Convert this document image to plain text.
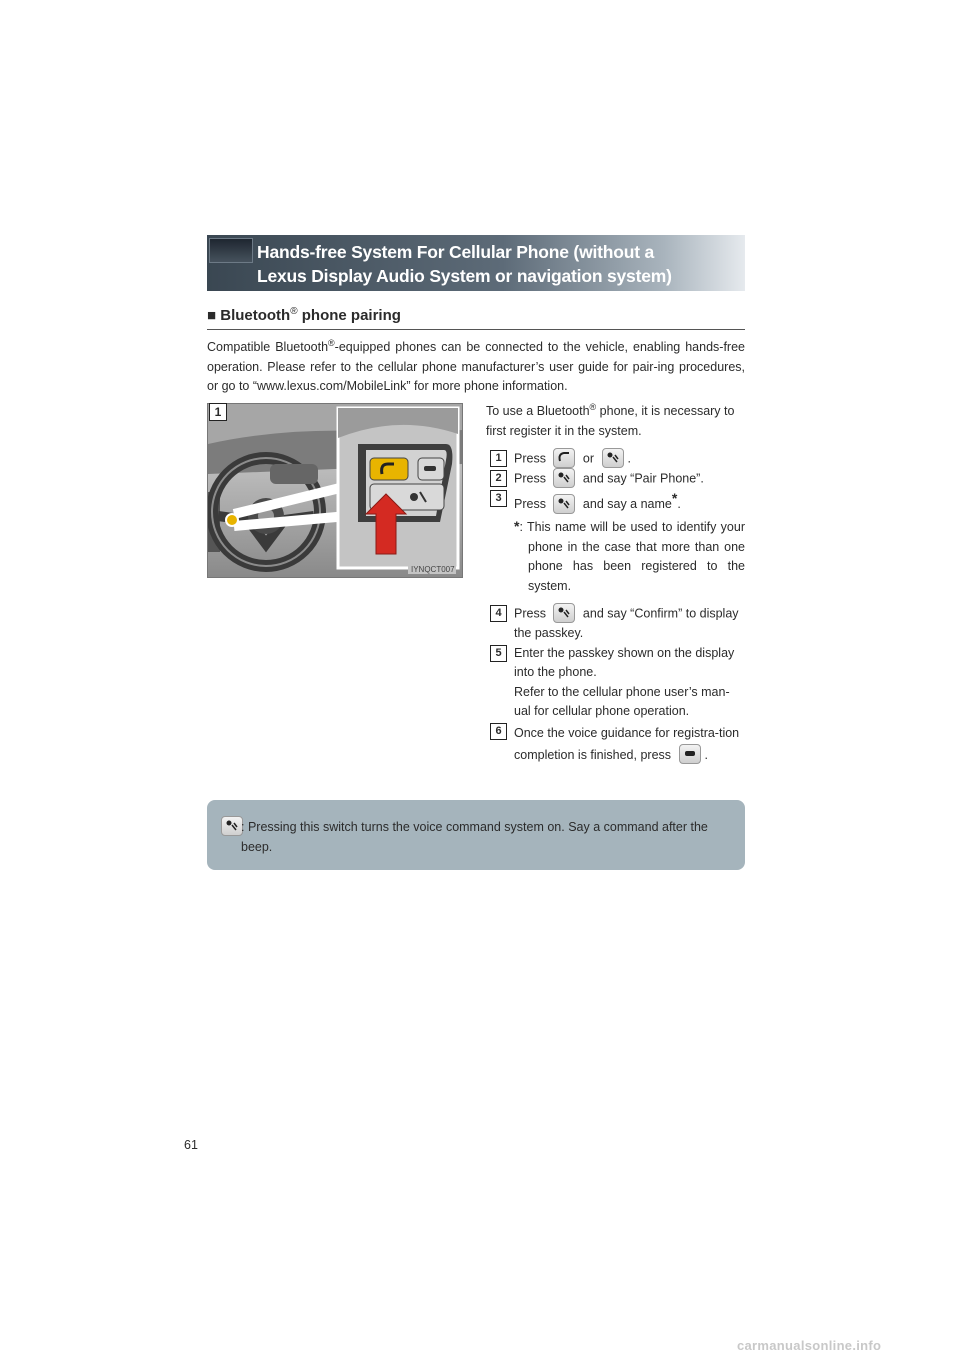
Hands-free System For Cellular Phone (without a
Lexus Display Audio System or navigation system)
■ Bluetooth® phone pairing
Compatible Bluetooth®-equipped phones can be connected to the vehicle, enabling hands-free operation. Please refer to the cellular phone manufacturer’s user guide for pair-ing procedures, or go to “www.lexus.com/MobileLink” for more phone information.
1
IYNQCT007

To use a Bluetooth® phone, it is necessary to first register it in the system.

1 Press	or	.

2 Press	and say “Pair Phone”.

3 Press	and say a name*.

*: This name will be used to identify your phone in the case that more than one phone has been registered to the system.

4 Press	and say “Confirm” to display the passkey.

5 Enter the passkey shown on the display into the phone.
Refer to the cellular phone user’s man-ual for cellular phone operation.

6 Once the voice guidance for registra-tion completion is finished, press	.

: Pressing this switch turns the voice command system on. Say a command after the beep.
61
carmanualsonline.info
